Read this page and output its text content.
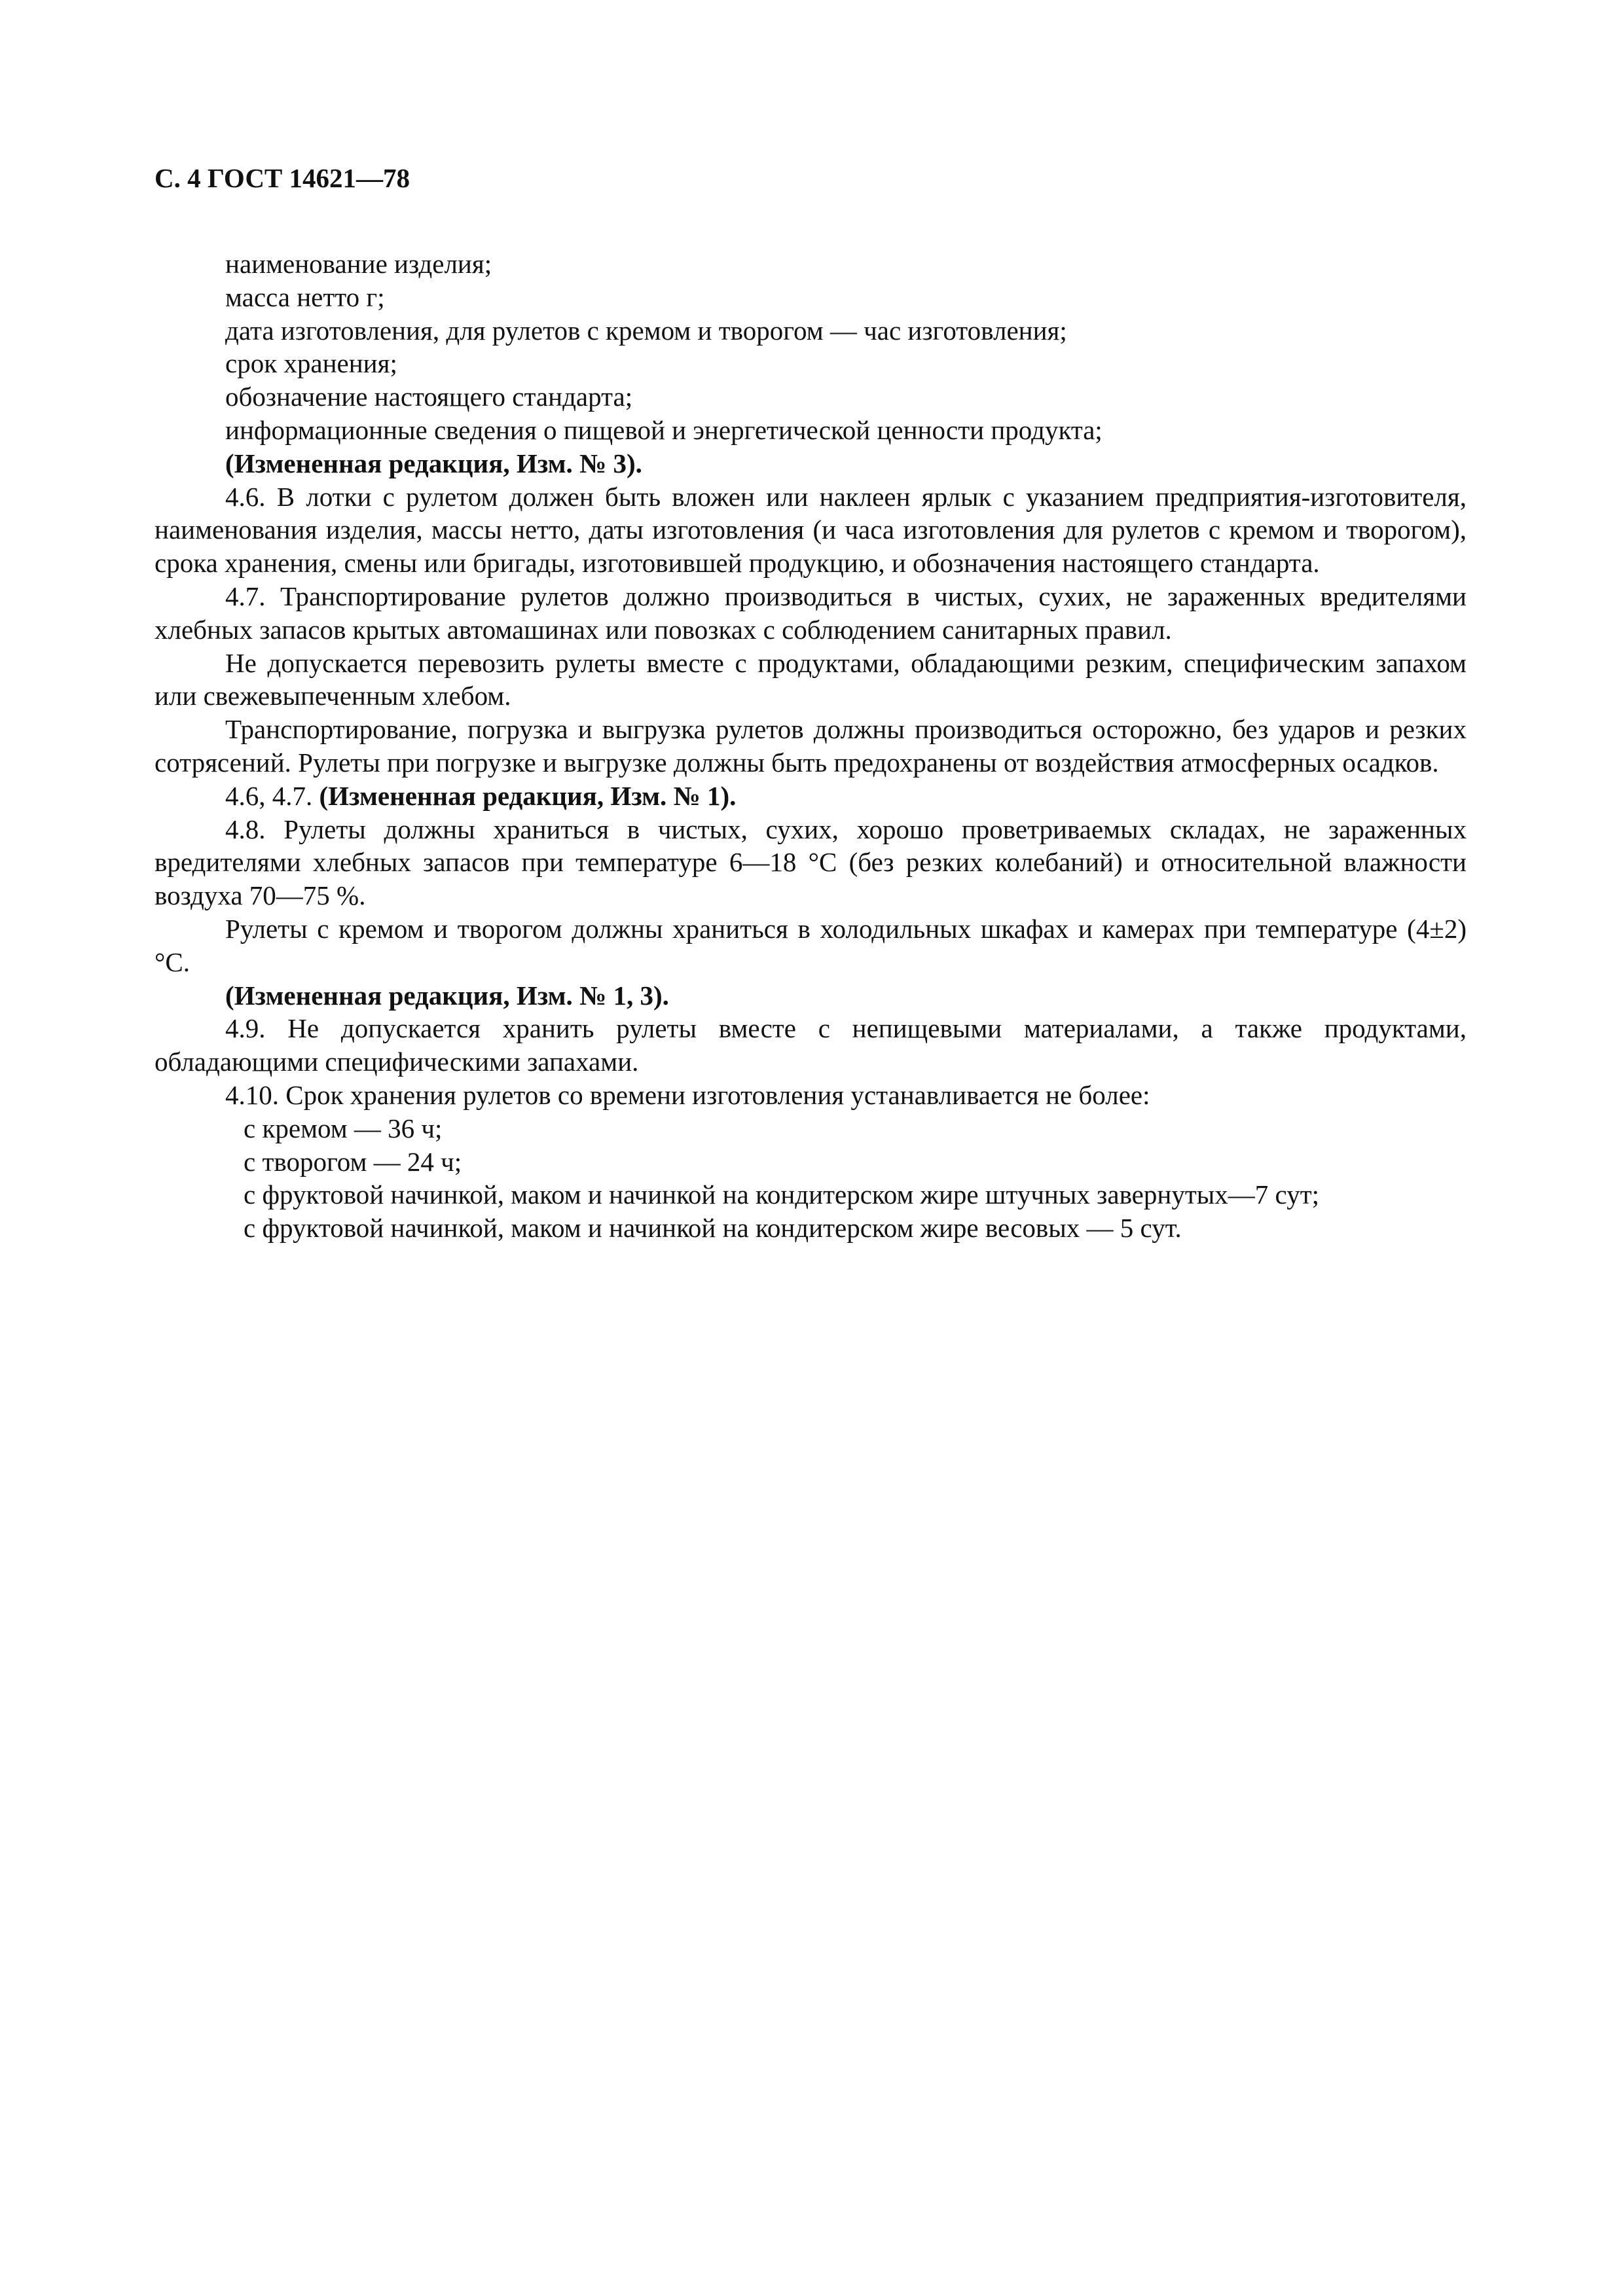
С. 4 ГОСТ 14621—78

наименование изделия;

масса нетто г;

дата изготовления, для рулетов с кремом и творогом — час изготовления;

срок хранения;

обозначение настоящего стандарта;

информационные сведения о пищевой и энергетической ценности продукта;

(Измененная редакция, Изм. № 3).

4.6. В лотки с рулетом должен быть вложен или наклеен ярлык с указанием предприятия-изготовителя, наименования изделия, массы нетто, даты изготовления (и часа изготовления для рулетов с кремом и творогом), срока хранения, смены или бригады, изготовившей продукцию, и обозначения настоящего стандарта.

4.7. Транспортирование рулетов должно производиться в чистых, сухих, не зараженных вредителями хлебных запасов крытых автомашинах или повозках с соблюдением санитарных правил.

Не допускается перевозить рулеты вместе с продуктами, обладающими резким, специфическим запахом или свежевыпеченным хлебом.

Транспортирование, погрузка и выгрузка рулетов должны производиться осторожно, без ударов и резких сотрясений. Рулеты при погрузке и выгрузке должны быть предохранены от воздействия атмосферных осадков.

4.6, 4.7. (Измененная редакция, Изм. № 1).

4.8. Рулеты должны храниться в чистых, сухих, хорошо проветриваемых складах, не зараженных вредителями хлебных запасов при температуре 6—18 °С (без резких колебаний) и относительной влажности воздуха 70—75 %.

Рулеты с кремом и творогом должны храниться в холодильных шкафах и камерах при температуре (4±2) °С.

(Измененная редакция, Изм. № 1, 3).

4.9. Не допускается хранить рулеты вместе с непищевыми материалами, а также продуктами, обладающими специфическими запахами.

4.10. Срок хранения рулетов со времени изготовления устанавливается не более:

с кремом — 36 ч;

с творогом — 24 ч;

с фруктовой начинкой, маком и начинкой на кондитерском жире штучных завернутых—7 сут;

с фруктовой начинкой, маком и начинкой на кондитерском жире весовых — 5 сут.
